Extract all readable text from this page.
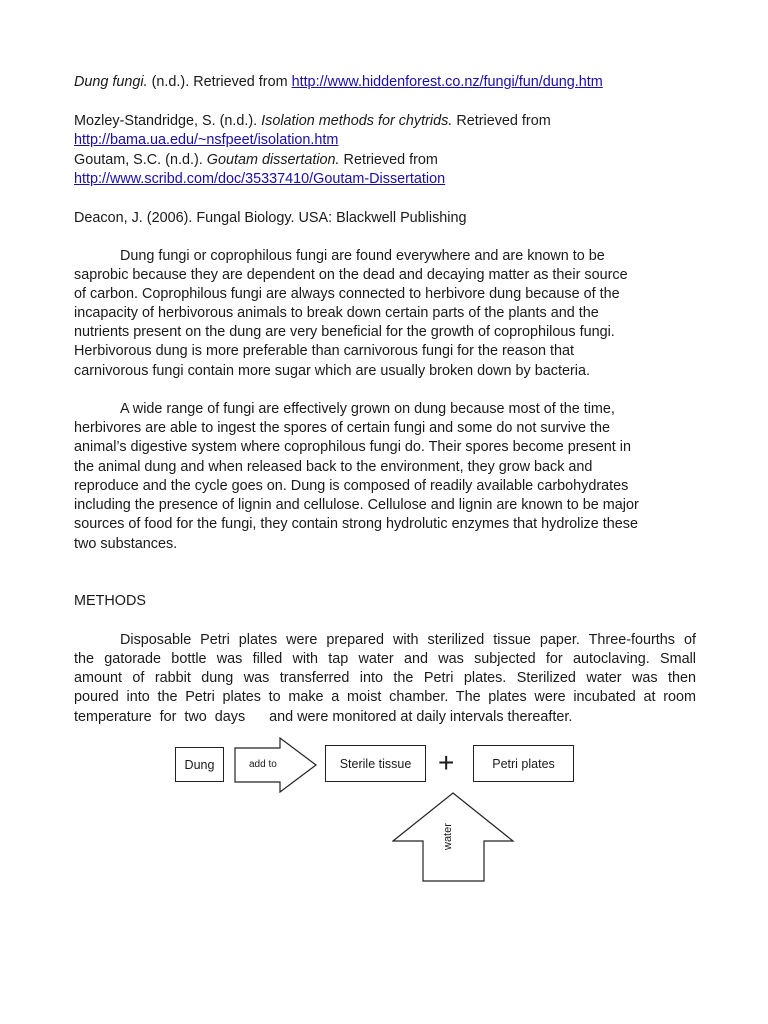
Dung fungi. (n.d.). Retrieved from http://www.hiddenforest.co.nz/fungi/fun/dung.htm
Mozley-Standridge, S. (n.d.). Isolation methods for chytrids. Retrieved from
http://bama.ua.edu/~nsfpeet/isolation.htm
Goutam, S.C. (n.d.). Goutam dissertation. Retrieved from
http://www.scribd.com/doc/35337410/Goutam-Dissertation
Deacon, J. (2006). Fungal Biology. USA: Blackwell Publishing
Dung fungi or coprophilous fungi are found everywhere and are known to be
saprobic because they are dependent on the dead and decaying matter as their source
of carbon. Coprophilous fungi are always connected to herbivore dung because of the
incapacity of herbivorous animals to break down certain parts of the plants and the
nutrients present on the dung are very beneficial for the growth of coprophilous fungi.
Herbivorous dung is more preferable than carnivorous fungi for the reason that
carnivorous fungi contain more sugar which are usually broken down by bacteria.
A wide range of fungi are effectively grown on dung because most of the time,
herbivores are able to ingest the spores of certain fungi and some do not survive the
animal’s digestive system where coprophilous fungi do. Their spores become present in
the animal dung and when released back to the environment, they grow back and
reproduce and the cycle goes on. Dung is composed of readily available carbohydrates
including the presence of lignin and cellulose. Cellulose and lignin are known to be major
sources of food for the fungi, they contain strong hydrolutic enzymes that hydrolize these
two substances.
METHODS
Disposable Petri plates were prepared with sterilized tissue paper. Three-fourths of
the gatorade bottle was filled with tap water and was subjected for autoclaving. Small
amount of rabbit dung was transferred into the Petri plates. Sterilized water was then
poured into the Petri plates to make a moist chamber. The plates were incubated at room
temperature  for  two  days      and were monitored at daily intervals thereafter.
Dung	add to	Sterile tissue +	Petri plates
water
